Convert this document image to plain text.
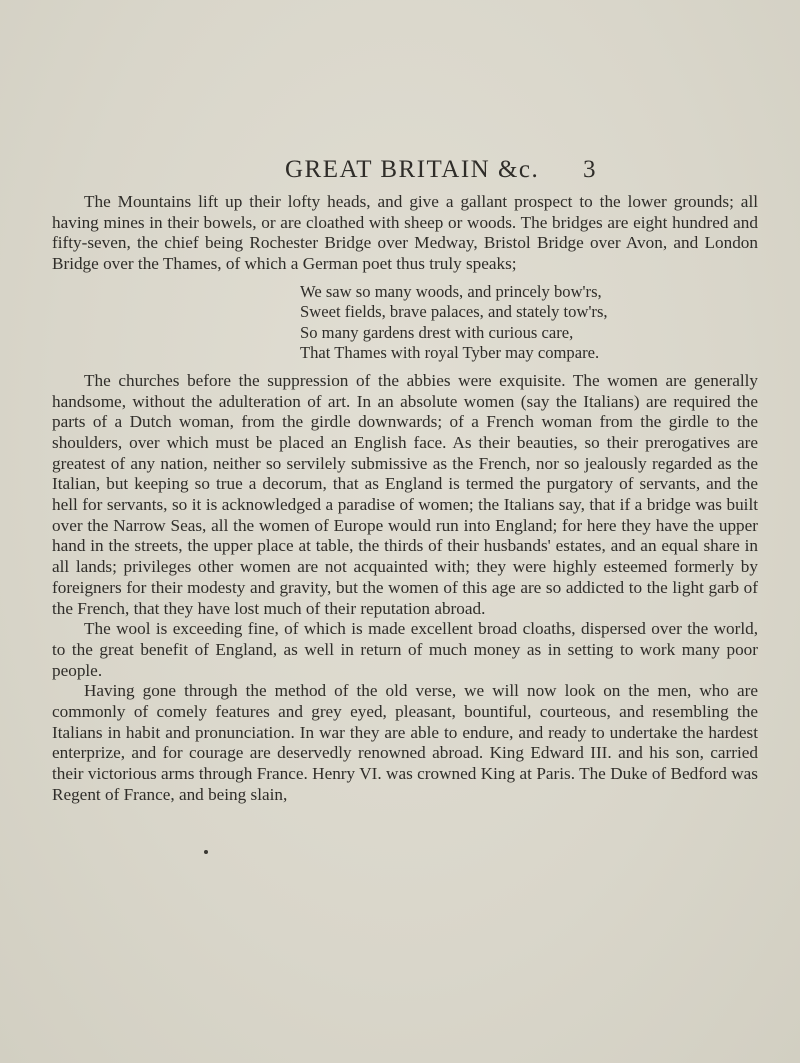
GREAT BRITAIN &c. 3

The Mountains lift up their lofty heads, and give a gallant prospect to the lower grounds; all having mines in their bowels, or are cloathed with sheep or woods. The bridges are eight hundred and fifty-seven, the chief being Rochester Bridge over Medway, Bristol Bridge over Avon, and London Bridge over the Thames, of which a German poet thus truly speaks;

We saw so many woods, and princely bow'rs,
Sweet fields, brave palaces, and stately tow'rs,
So many gardens drest with curious care,
That Thames with royal Tyber may compare.

The churches before the suppression of the abbies were exquisite. The women are generally handsome, without the adulteration of art. In an absolute women (say the Italians) are required the parts of a Dutch woman, from the girdle downwards; of a French woman from the girdle to the shoulders, over which must be placed an English face. As their beauties, so their prerogatives are greatest of any nation, neither so servilely submissive as the French, nor so jealously regarded as the Italian, but keeping so true a decorum, that as England is termed the purgatory of servants, and the hell for servants, so it is acknowledged a paradise of women; the Italians say, that if a bridge was built over the Narrow Seas, all the women of Europe would run into England; for here they have the upper hand in the streets, the upper place at table, the thirds of their husbands' estates, and an equal share in all lands; privileges other women are not acquainted with; they were highly esteemed formerly by foreigners for their modesty and gravity, but the women of this age are so addicted to the light garb of the French, that they have lost much of their reputation abroad.

The wool is exceeding fine, of which is made excellent broad cloaths, dispersed over the world, to the great benefit of England, as well in return of much money as in setting to work many poor people.

Having gone through the method of the old verse, we will now look on the men, who are commonly of comely features and grey eyed, pleasant, bountiful, courteous, and resembling the Italians in habit and pronunciation. In war they are able to endure, and ready to undertake the hardest enterprize, and for courage are deservedly renowned abroad. King Edward III. and his son, carried their victorious arms through France. Henry VI. was crowned King at Paris. The Duke of Bedford was Regent of France, and being slain,
